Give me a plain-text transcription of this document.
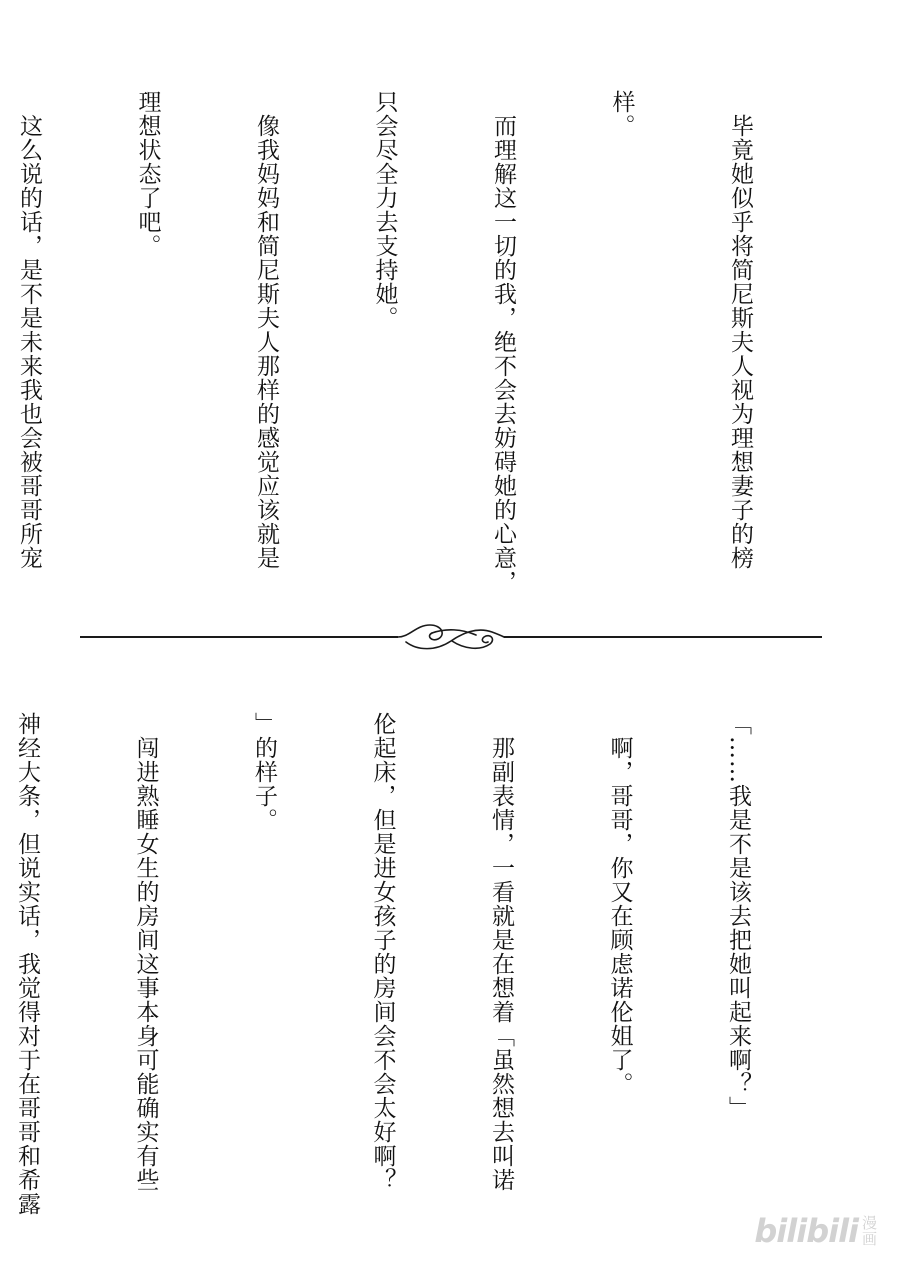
　毕竟她似乎将简尼斯夫人视为理想妻子的榜

样。

　而理解这一切的我，绝不会去妨碍她的心意，

只会尽全力去支持她。

　像我妈妈和简尼斯夫人那样的感觉应该就是

理想状态了吧。

　这么说的话，是不是未来我也会被哥哥所宠

「……我是不是该去把她叫起来啊？」

　啊，哥哥，你又在顾虑诺伦姐了。

　那副表情，一看就是在想着「虽然想去叫诺

伦起床，但是进女孩子的房间会不会太好啊？

」的样子。

　闯进熟睡女生的房间这事本身可能确实有些

神经大条，但说实话，我觉得对于在哥哥和希露

bilibili 漫画
